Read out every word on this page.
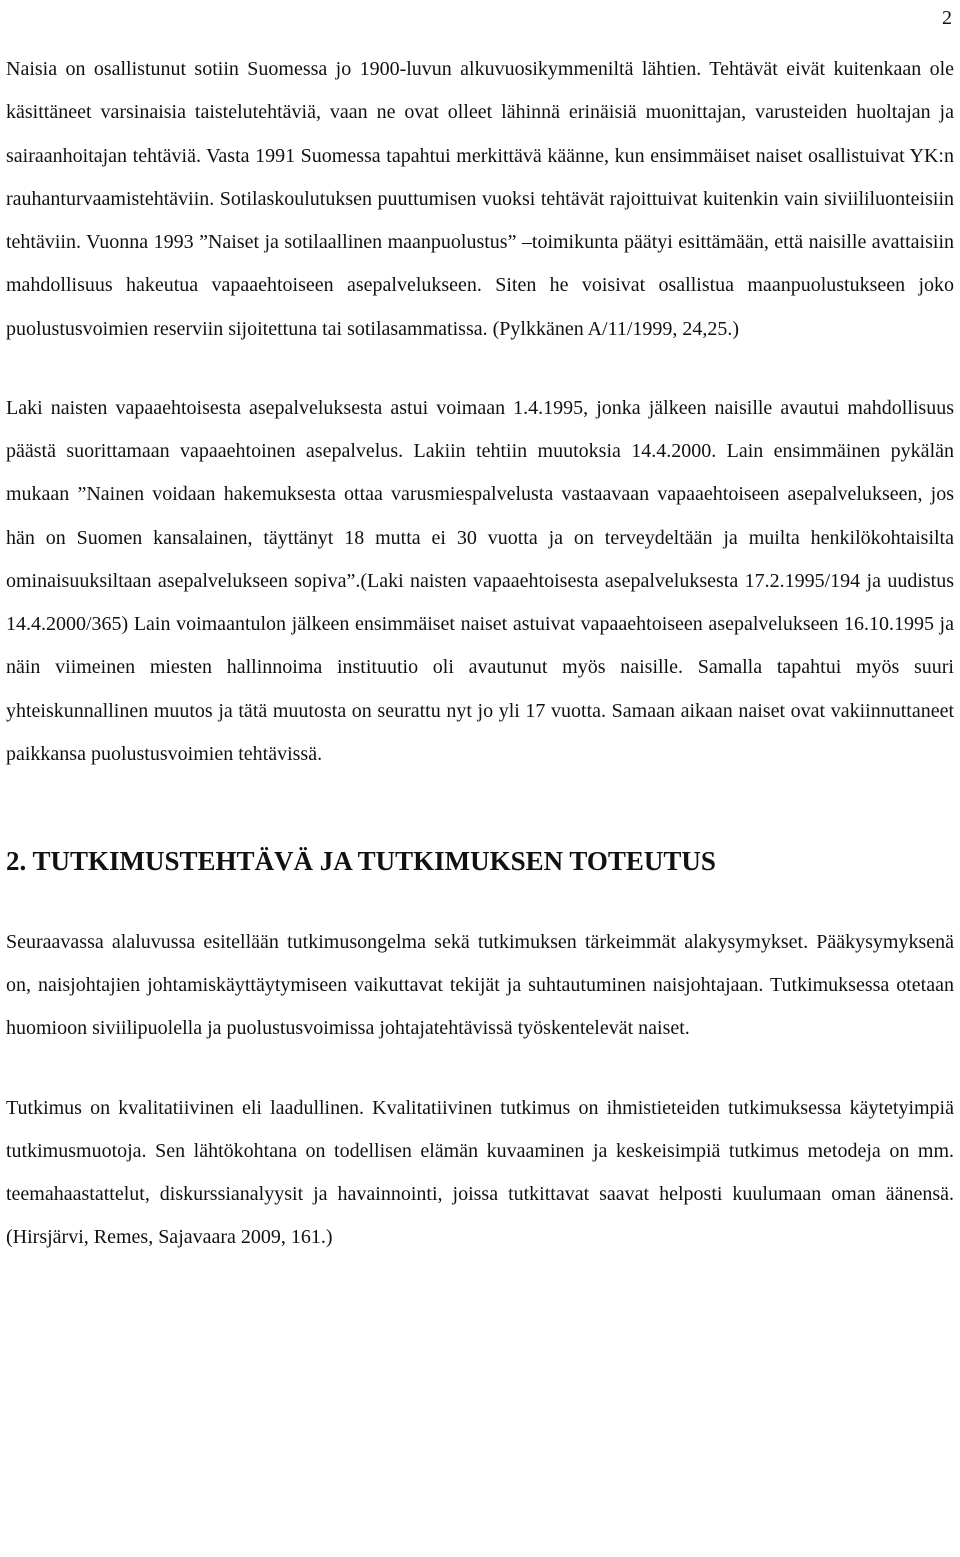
2

Naisia on osallistunut sotiin Suomessa jo 1900-luvun alkuvuosikymmeniltä lähtien. Tehtävät eivät kuitenkaan ole käsittäneet varsinaisia taistelutehtäviä, vaan ne ovat olleet lähinnä erinäisiä muonittajan, varusteiden huoltajan ja sairaanhoitajan tehtäviä. Vasta 1991 Suomessa tapahtui merkittävä käänne, kun ensimmäiset naiset osallistuivat YK:n rauhanturvaamistehtäviin. Sotilaskoulutuksen puuttumisen vuoksi tehtävät rajoittuivat kuitenkin vain siviililuonteisiin tehtäviin. Vuonna 1993 ”Naiset ja sotilaallinen maanpuolustus” –toimikunta päätyi esittämään, että naisille avattaisiin mahdollisuus hakeutua vapaaehtoiseen asepalvelukseen. Siten he voisivat osallistua maanpuolustukseen joko puolustusvoimien reserviin sijoitettuna tai sotilasammatissa. (Pylkkänen A/11/1999, 24,25.)

Laki naisten vapaaehtoisesta asepalveluksesta astui voimaan 1.4.1995, jonka jälkeen naisille avautui mahdollisuus päästä suorittamaan vapaaehtoinen asepalvelus. Lakiin tehtiin muutoksia 14.4.2000. Lain ensimmäinen pykälän mukaan ”Nainen voidaan hakemuksesta ottaa varusmiespalvelusta vastaavaan vapaaehtoiseen asepalvelukseen, jos hän on Suomen kansalainen, täyttänyt 18 mutta ei 30 vuotta ja on terveydeltään ja muilta henkilökohtaisilta ominaisuuksiltaan asepalvelukseen sopiva”.(Laki naisten vapaaehtoisesta asepalveluksesta 17.2.1995/194 ja uudistus 14.4.2000/365) Lain voimaantulon jälkeen ensimmäiset naiset astuivat vapaaehtoiseen asepalvelukseen 16.10.1995 ja näin viimeinen miesten hallinnoima instituutio oli avautunut myös naisille. Samalla tapahtui myös suuri yhteiskunnallinen muutos ja tätä muutosta on seurattu nyt jo yli 17 vuotta. Samaan aikaan naiset ovat vakiinnuttaneet paikkansa puolustusvoimien tehtävissä.

2. TUTKIMUSTEHTÄVÄ JA TUTKIMUKSEN TOTEUTUS

Seuraavassa alaluvussa esitellään tutkimusongelma sekä tutkimuksen tärkeimmät alakysymykset. Pääkysymyksenä on, naisjohtajien johtamiskäyttäytymiseen vaikuttavat tekijät ja suhtautuminen naisjohtajaan. Tutkimuksessa otetaan huomioon siviilipuolella ja puolustusvoimissa johtajatehtävissä työskentelevät naiset.

Tutkimus on kvalitatiivinen eli laadullinen. Kvalitatiivinen tutkimus on ihmistieteiden tutkimuksessa käytetyimpiä tutkimusmuotoja. Sen lähtökohtana on todellisen elämän kuvaaminen ja keskeisimpiä tutkimus metodeja on mm. teemahaastattelut, diskurssianalyysit ja havainnointi, joissa tutkittavat saavat helposti kuulumaan oman äänensä. (Hirsjärvi, Remes, Sajavaara 2009, 161.)
